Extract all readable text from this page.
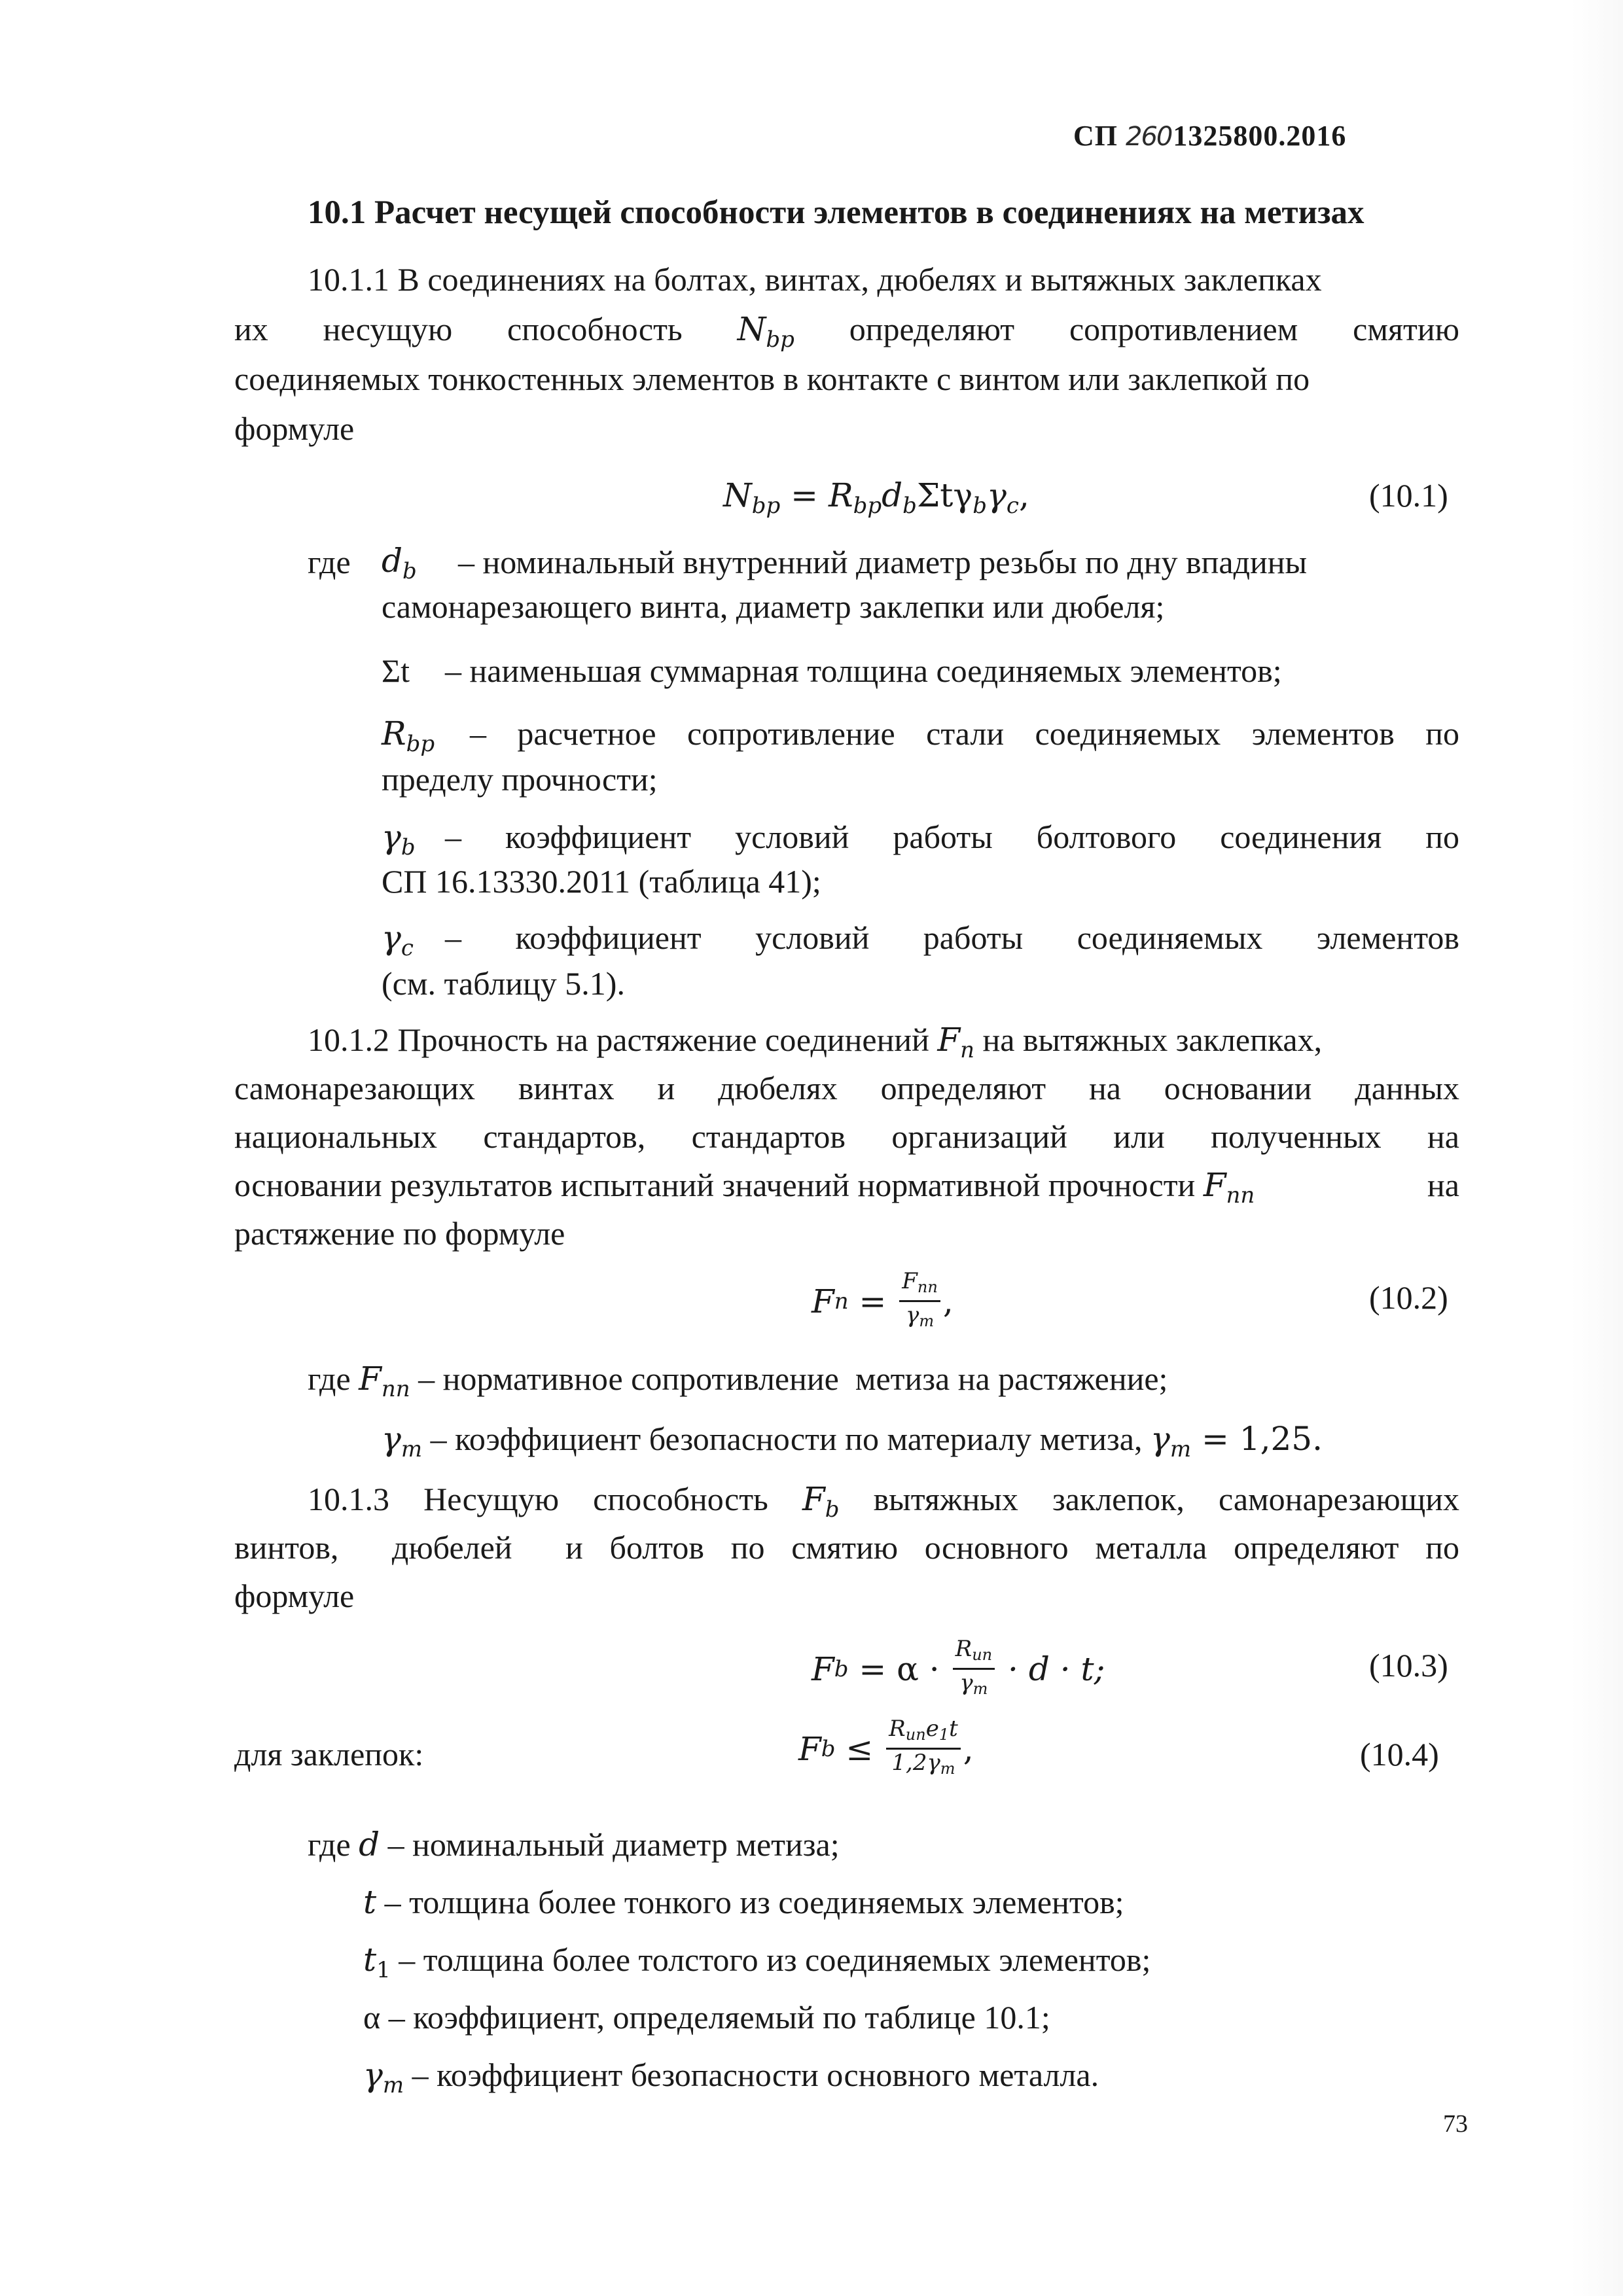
СП 2601325800.2016
10.1 Расчет несущей способности элементов в соединениях на метизах
10.1.1 В соединениях на болтах, винтах, дюбелях и вытяжных заклепках
их несущую способность $N_{bp}$ определяют сопротивлением смятию
соединяемых тонкостенных элементов в контакте с винтом или заклепкой по
формуле
$N_{bp} = R_{bp}d_b\Sigma t\gamma_b\gamma_c$,	(10.1)
где $d_b$ – номинальный внутренний диаметр резьбы по дну впадины
самонарезающего винта, диаметр заклепки или дюбеля;
Σt – наименьшая суммарная толщина соединяемых элементов;
$R_{bp}$ – расчетное сопротивление стали соединяемых элементов по
пределу прочности;
$\gamma_b$ – коэффициент условий работы болтового соединения по
СП 16.13330.2011 (таблица 41);
$\gamma_c$ – коэффициент условий работы соединяемых элементов
(см. таблицу 5.1).
10.1.2 Прочность на растяжение соединений $F_n$ на вытяжных заклепках,
самонарезающих винтах и дюбелях определяют на основании данных
национальных стандартов, стандартов организаций или полученных на
основании результатов испытаний значений нормативной прочности $F_{nn}$	на
растяжение по формуле
F $n = \frac{F_{nn}}{\gamma_m}$ ,	(10.2)
где $F_{nn}$ – нормативное сопротивление  метиза на растяжение;
$\gamma_m$ – коэффициент безопасности по материалу метиза, $\gamma_m = 1,25$.
10.1.3 Несущую способность $F_b$ вытяжных заклепок, самонарезающих
винтов,  дюбелей  и болтов по смятию основного металла определяют по
формуле
F $b = \alpha \cdot \frac{R_{un}}{\gamma_m} \cdot d \cdot t$;	(10.3)
для заклепок:	F $b \le \frac{R_{un}e_1t}{1,2\gamma_m}$ ,	(10.4)
где d – номинальный диаметр метиза;
t – толщина более тонкого из соединяемых элементов;
$t_1$ – толщина более толстого из соединяемых элементов;
α – коэффициент, определяемый по таблице 10.1;
$\gamma_m$ – коэффициент безопасности основного металла.
73
